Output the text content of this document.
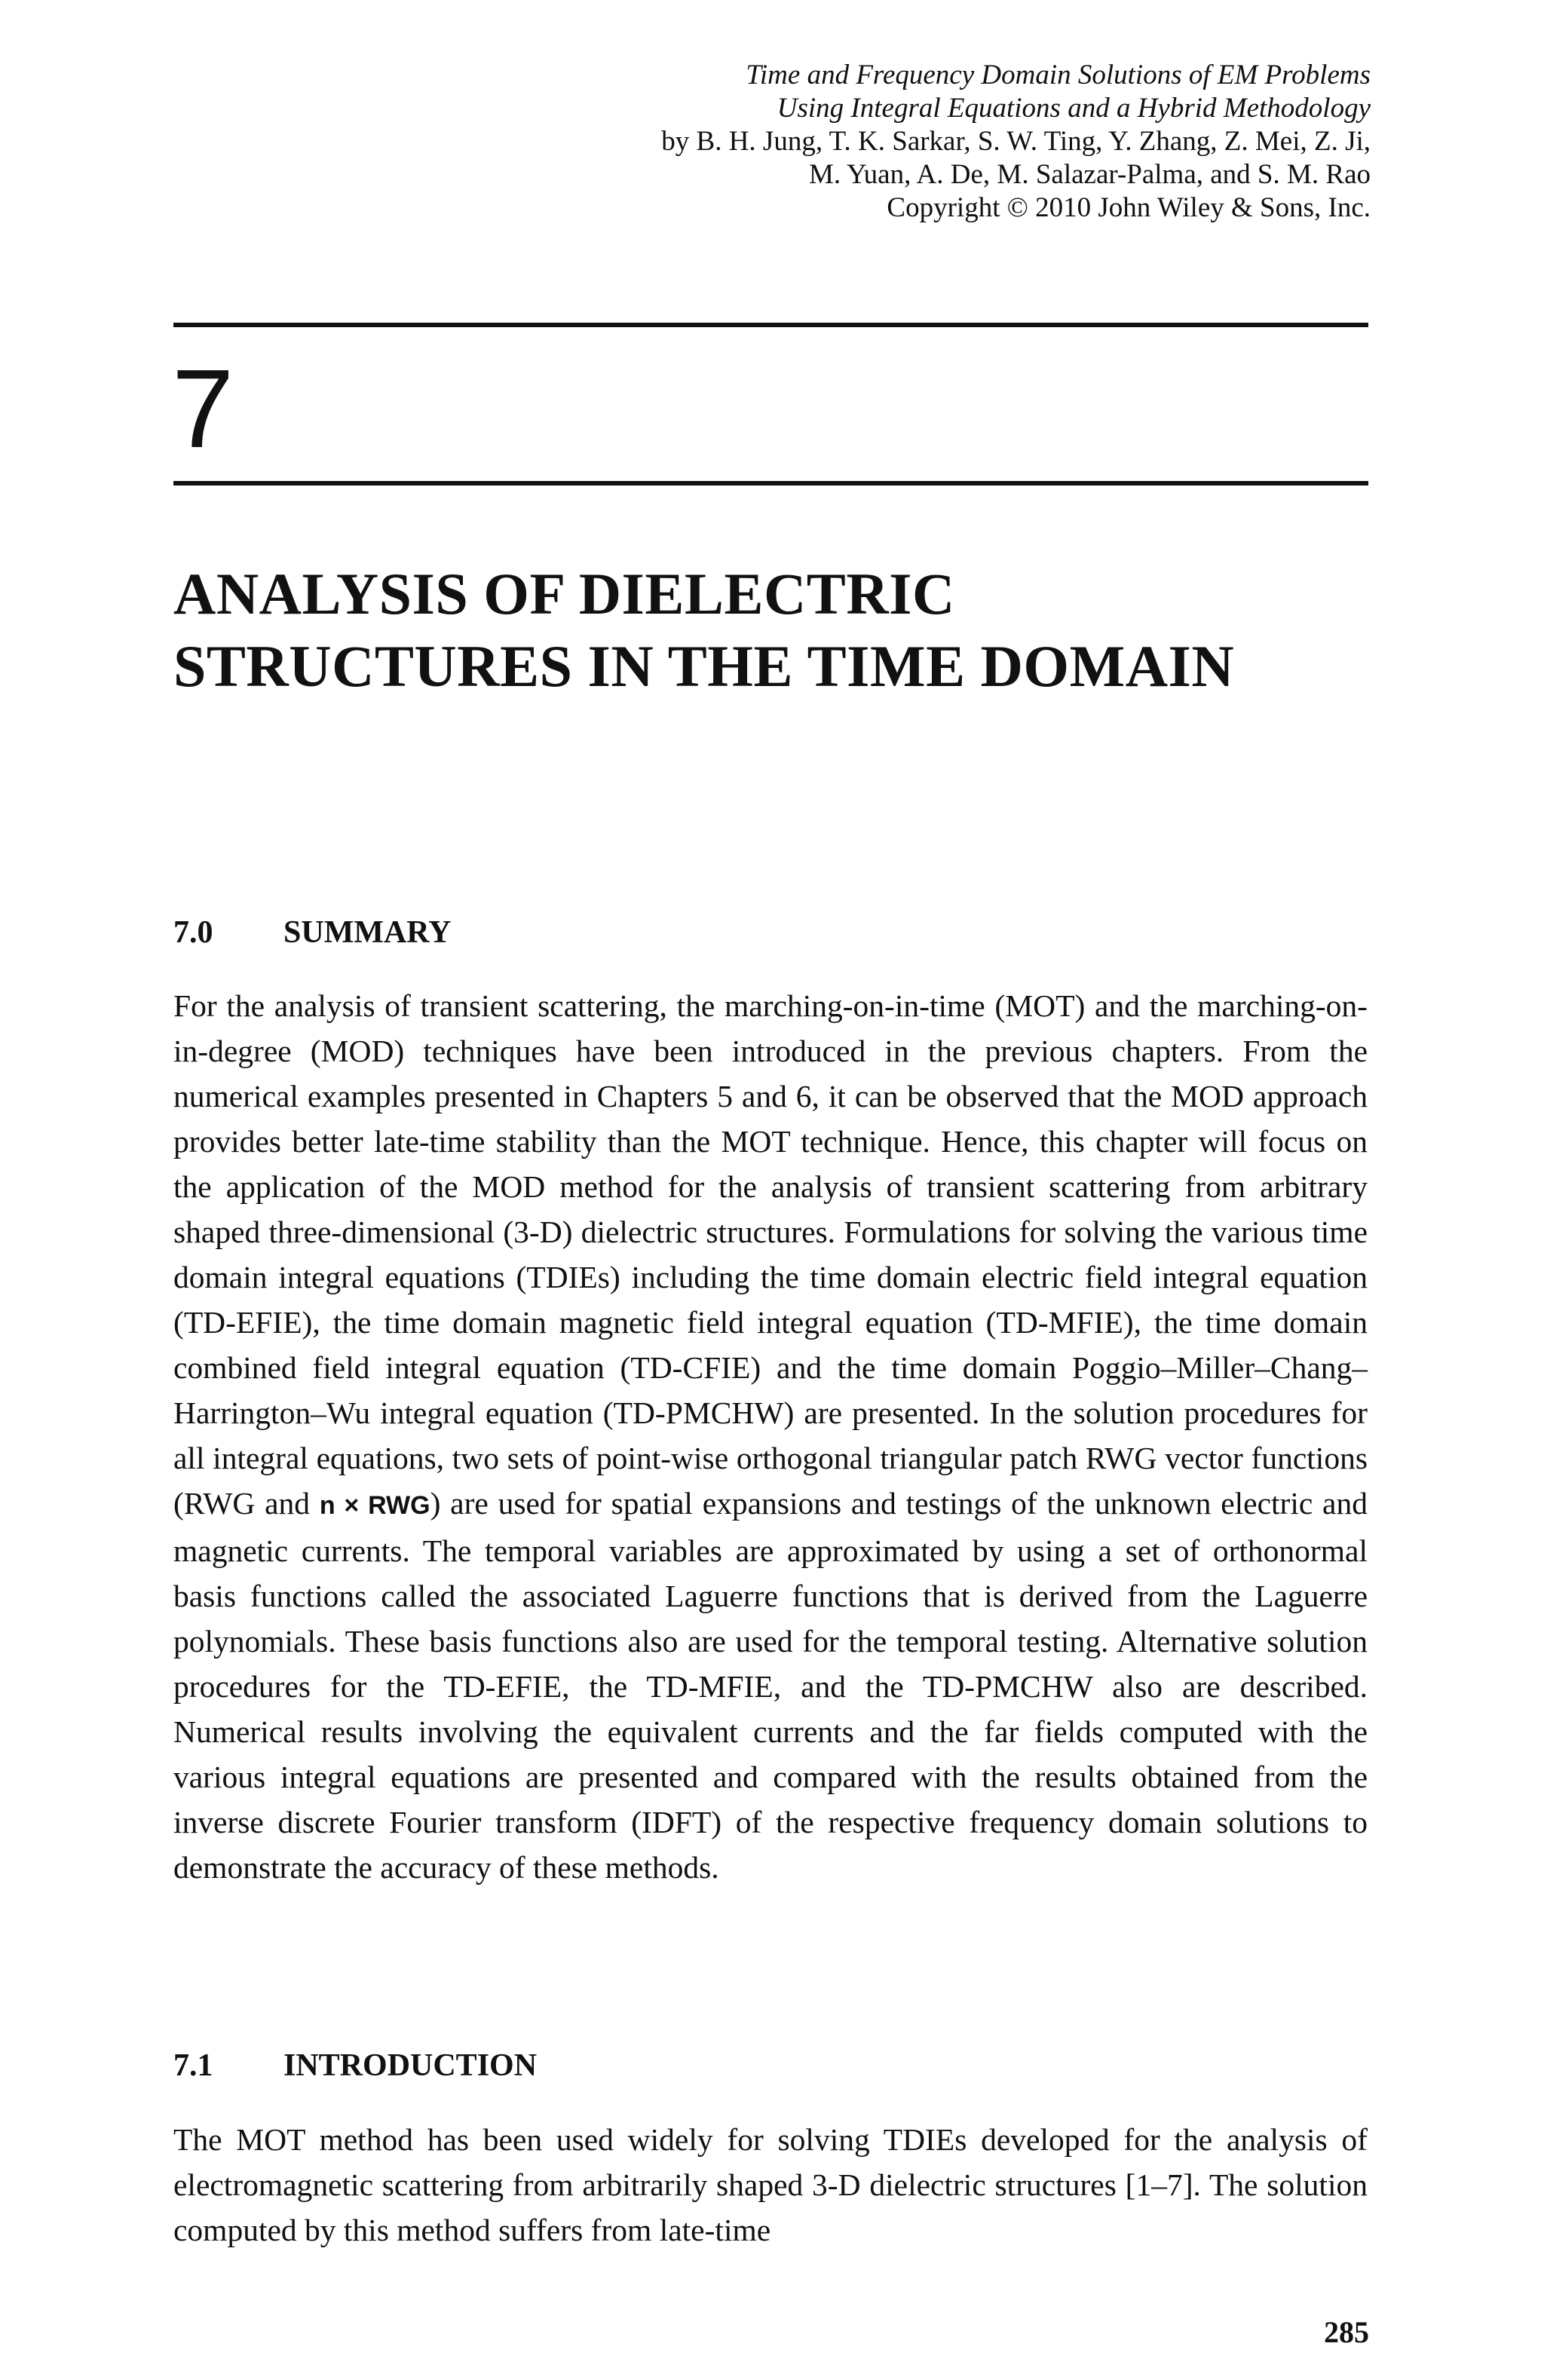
Time and Frequency Domain Solutions of EM Problems
Using Integral Equations and a Hybrid Methodology
by B. H. Jung, T. K. Sarkar, S. W. Ting, Y. Zhang, Z. Mei, Z. Ji,
M. Yuan, A. De, M. Salazar-Palma, and S. M. Rao
Copyright © 2010 John Wiley & Sons, Inc.
7
ANALYSIS OF DIELECTRIC
STRUCTURES IN THE TIME DOMAIN
7.0 SUMMARY

For the analysis of transient scattering, the marching-on-in-time (MOT) and the marching-on-in-degree (MOD) techniques have been introduced in the previous chapters. From the numerical examples presented in Chapters 5 and 6, it can be observed that the MOD approach provides better late-time stability than the MOT technique. Hence, this chapter will focus on the application of the MOD method for the analysis of transient scattering from arbitrary shaped three-dimensional (3-D) dielectric structures. Formulations for solving the various time domain integral equations (TDIEs) including the time domain electric field integral equation (TD-EFIE), the time domain magnetic field integral equation (TD-MFIE), the time domain combined field integral equation (TD-CFIE) and the time domain Poggio–Miller–Chang–Harrington–Wu integral equation (TD-PMCHW) are presented. In the solution procedures for all integral equations, two sets of point-wise orthogonal triangular patch RWG vector functions (RWG and n × RWG) are used for spatial expansions and testings of the unknown electric and magnetic currents. The temporal variables are approximated by using a set of orthonormal basis functions called the associated Laguerre functions that is derived from the Laguerre polynomials. These basis functions also are used for the temporal testing. Alternative solution procedures for the TD-EFIE, the TD-MFIE, and the TD-PMCHW also are described. Numerical results involving the equivalent currents and the far fields computed with the various integral equations are presented and compared with the results obtained from the inverse discrete Fourier transform (IDFT) of the respective frequency domain solutions to demonstrate the accuracy of these methods.

7.1 INTRODUCTION

The MOT method has been used widely for solving TDIEs developed for the analysis of electromagnetic scattering from arbitrarily shaped 3-D dielectric structures [1–7]. The solution computed by this method suffers from late-time

285
